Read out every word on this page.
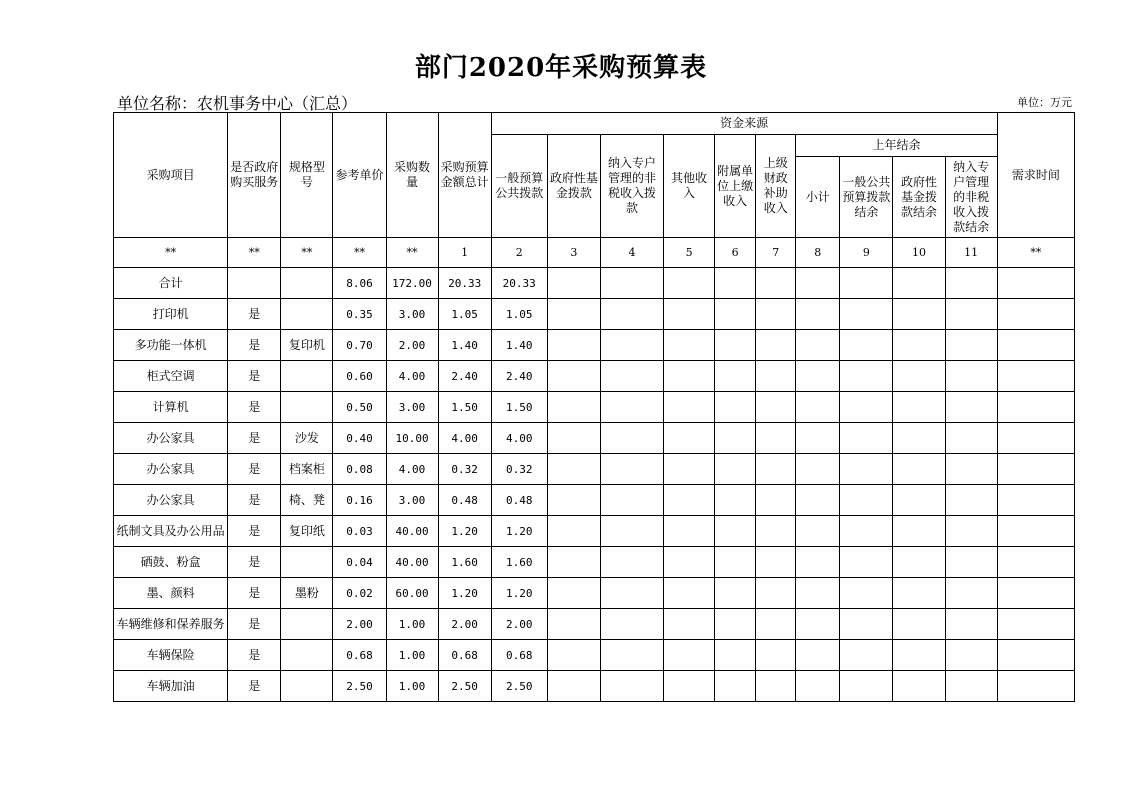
部门2020年采购预算表
单位名称：农机事务中心（汇总）	单位：万元
采购项目	是否政府购买服务	规格型号	参考单价	采购数量	采购预算金额总计	资金来源										需求时间
						一般预算公共拨款	政府性基金拨款	纳入专户管理的非税收入拨款	其他收入	附属单位上缴收入	上级财政补助收入	上年结余				
												小计	一般公共预算拨款结余	政府性基金拨款结余	纳入专户管理的非税收入拨款结余	

**	**	**	**	**	1	2	3	4	5	6	7	8	9	10	11	**
合计			8.06	172.00	20.33	20.33										
打印机	是		0.35	3.00	1.05	1.05										
多功能一体机	是	复印机	0.70	2.00	1.40	1.40										
柜式空调	是		0.60	4.00	2.40	2.40										
计算机	是		0.50	3.00	1.50	1.50										
办公家具	是	沙发	0.40	10.00	4.00	4.00										
办公家具	是	档案柜	0.08	4.00	0.32	0.32										
办公家具	是	椅、凳	0.16	3.00	0.48	0.48										
纸制文具及办公用品	是	复印纸	0.03	40.00	1.20	1.20										
硒鼓、粉盒	是		0.04	40.00	1.60	1.60										
墨、颜料	是	墨粉	0.02	60.00	1.20	1.20										
车辆维修和保养服务	是		2.00	1.00	2.00	2.00										
车辆保险	是		0.68	1.00	0.68	0.68										
车辆加油	是		2.50	1.00	2.50	2.50										
